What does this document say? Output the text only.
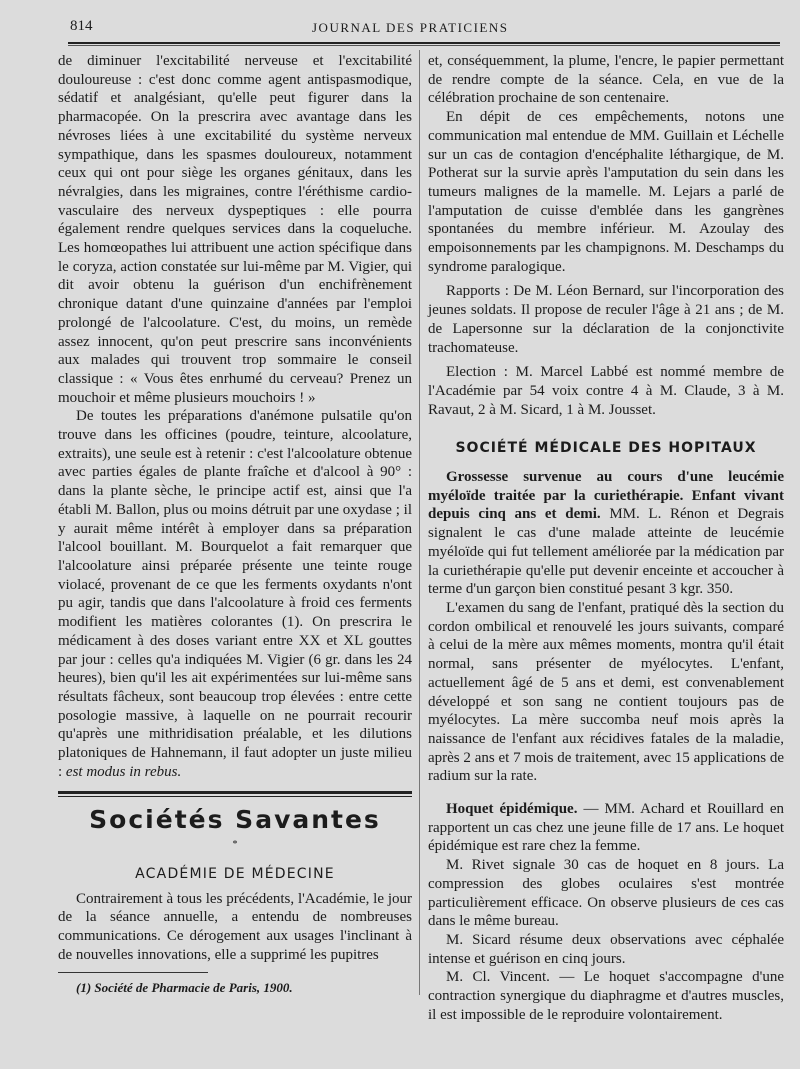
814	JOURNAL DES PRATICIENS

de diminuer l'excitabilité nerveuse et l'excitabilité douloureuse : c'est donc comme agent antispasmodique, sédatif et analgésiant, qu'elle peut figurer dans la pharmacopée. On la prescrira avec avantage dans les névroses liées à une excitabilité du système nerveux sympathique, dans les spasmes douloureux, notamment ceux qui ont pour siège les organes génitaux, dans les névralgies, dans les migraines, contre l'éréthisme cardio-vasculaire des nerveux dyspeptiques : elle pourra également rendre quelques services dans la coqueluche. Les homœopathes lui attribuent une action spécifique dans le coryza, action constatée sur lui-même par M. Vigier, qui dit avoir obtenu la guérison d'un enchifrènement chronique datant d'une quinzaine d'années par l'emploi prolongé de l'alcoolature. C'est, du moins, un remède assez innocent, qu'on peut prescrire sans inconvénients aux malades qui trouvent trop sommaire le conseil classique : « Vous êtes enrhumé du cerveau? Prenez un mouchoir et même plusieurs mouchoirs ! »

De toutes les préparations d'anémone pulsatile qu'on trouve dans les officines (poudre, teinture, alcoolature, extraits), une seule est à retenir : c'est l'alcoolature obtenue avec parties égales de plante fraîche et d'alcool à 90° : dans la plante sèche, le principe actif est, ainsi que l'a établi M. Ballon, plus ou moins détruit par une oxydase ; il y aurait même intérêt à employer dans sa préparation l'alcool bouillant. M. Bourquelot a fait remarquer que l'alcoolature ainsi préparée présente une teinte rouge violacé, provenant de ce que les ferments oxydants n'ont pu agir, tandis que dans l'alcoolature à froid ces ferments modifient les matières colorantes (1). On prescrira le médicament à des doses variant entre XX et XL gouttes par jour : celles qu'a indiquées M. Vigier (6 gr. dans les 24 heures), bien qu'il les ait expérimentées sur lui-même sans résultats fâcheux, sont beaucoup trop élevées : entre cette posologie massive, à laquelle on ne pourrait recourir qu'après une mithridisation préalable, et les dilutions platoniques de Hahnemann, il faut adopter un juste milieu : est modus in rebus.

Sociétés Savantes
*
ACADÉMIE DE MÉDECINE

Contrairement à tous les précédents, l'Académie, le jour de la séance annuelle, a entendu de nombreuses communications. Ce dérogement aux usages l'inclinant à de nouvelles innovations, elle a supprimé les pupitres

(1) Société de Pharmacie de Paris, 1900.

et, conséquemment, la plume, l'encre, le papier permettant de rendre compte de la séance. Cela, en vue de la célébration prochaine de son centenaire.

En dépit de ces empêchements, notons une communication mal entendue de MM. Guillain et Léchelle sur un cas de contagion d'encéphalite léthargique, de M. Potherat sur la survie après l'amputation du sein dans les tumeurs malignes de la mamelle. M. Lejars a parlé de l'amputation de cuisse d'emblée dans les gangrènes spontanées du membre inférieur. M. Azoulay des empoisonnements par les champignons. M. Deschamps du syndrome paralogique.

Rapports : De M. Léon Bernard, sur l'incorporation des jeunes soldats. Il propose de reculer l'âge à 21 ans ; de M. de Lapersonne sur la déclaration de la conjonctivite trachomateuse.

Election : M. Marcel Labbé est nommé membre de l'Académie par 54 voix contre 4 à M. Claude, 3 à M. Ravaut, 2 à M. Sicard, 1 à M. Jousset.

SOCIÉTÉ MÉDICALE DES HOPITAUX

Grossesse survenue au cours d'une leucémie myéloïde traitée par la curiethérapie. Enfant vivant depuis cinq ans et demi. MM. L. Rénon et Degrais signalent le cas d'une malade atteinte de leucémie myéloïde qui fut tellement améliorée par la médication par la curiethérapie qu'elle put devenir enceinte et accoucher à terme d'un garçon bien constitué pesant 3 kgr. 350.

L'examen du sang de l'enfant, pratiqué dès la section du cordon ombilical et renouvelé les jours suivants, comparé à celui de la mère aux mêmes moments, montra qu'il était normal, sans présenter de myélocytes. L'enfant, actuellement âgé de 5 ans et demi, est convenablement développé et son sang ne contient toujours pas de myélocytes. La mère succomba neuf mois après la naissance de l'enfant aux récidives fatales de la maladie, après 2 ans et 7 mois de traitement, avec 15 applications de radium sur la rate.

Hoquet épidémique. — MM. Achard et Rouillard en rapportent un cas chez une jeune fille de 17 ans. Le hoquet épidémique est rare chez la femme.

M. Rivet signale 30 cas de hoquet en 8 jours. La compression des globes oculaires s'est montrée particulièrement efficace. On observe plusieurs de ces cas dans le même bureau.

M. Sicard résume deux observations avec céphalée intense et guérison en cinq jours.

M. Cl. Vincent. — Le hoquet s'accompagne d'une contraction synergique du diaphragme et d'autres muscles, il est impossible de le reproduire volontairement.
